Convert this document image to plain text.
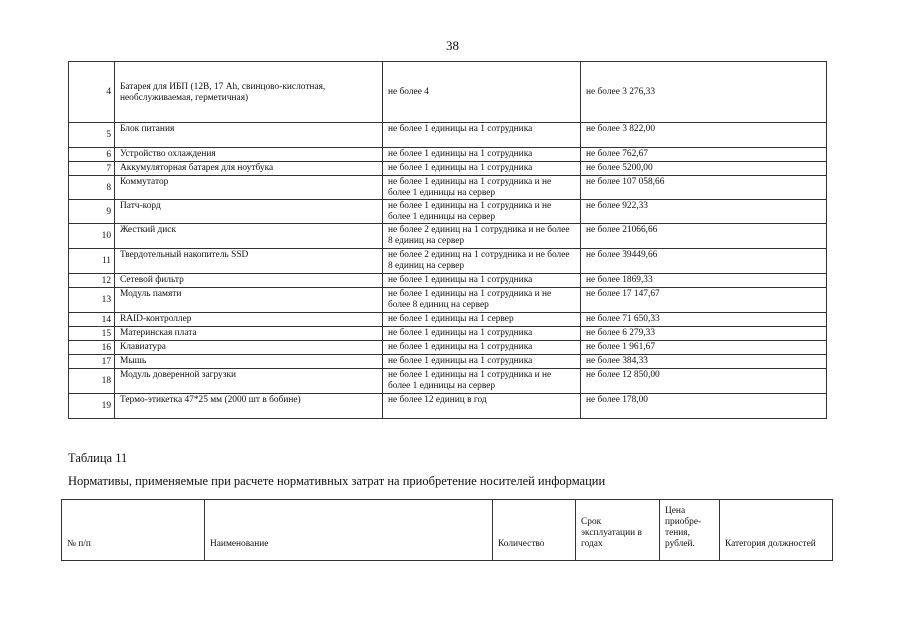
38
4	Батарея для ИБП (12В, 17 Ah, свинцово-кислотная, необслуживаемая, герметичная)	не более 4	не более 3 276,33
5	Блок питания	не более 1 единицы на 1 сотрудника	не более 3 822,00
6	Устройство охлаждения	не более 1 единицы на 1 сотрудника	не более 762,67
7	Аккумуляторная батарея для ноутбука	не более 1 единицы на 1 сотрудника	не более 5200,00
8	Коммутатор	не более 1 единицы на 1 сотрудника и не более 1 единицы на сервер	не более 107 058,66
9	Патч-корд	не более 1 единицы на 1 сотрудника и не более 1 единицы на сервер	не более 922,33
10	Жесткий диск	не более 2 единиц на 1 сотрудника и не более 8 единиц на сервер	не более 21066,66
11	Твердотельный накопитель SSD	не более 2 единиц на 1 сотрудника и не более 8 единиц на сервер	не более 39449,66
12	Сетевой фильтр	не более 1 единицы на 1 сотрудника	не более 1869,33
13	Модуль памяти	не более 1 единицы на 1 сотрудника и не более 8 единиц на сервер	не более 17 147,67
14	RAID-контроллер	не более 1 единицы на 1 сервер	не более 71 650,33
15	Материнская плата	не более 1 единицы на 1 сотрудника	не более 6 279,33
16	Клавиатура	не более 1 единицы на 1 сотрудника	не более 1 961,67
17	Мышь	не более 1 единицы на 1 сотрудника	не более 384,33
18	Модуль доверенной загрузки	не более 1 единицы на 1 сотрудника и не более 1 единицы на сервер	не более 12 850,00
19	Термо-этикетка 47*25 мм (2000 шт в бобине)	не более 12 единиц в год	не более 178,00
Таблица 11
Нормативы, применяемые при расчете нормативных затрат на приобретение носителей информации
№ п/п	Наименование	Количество	Срок эксплуатации в годах	Цена приобре-тения, рублей.	Категория должностей
